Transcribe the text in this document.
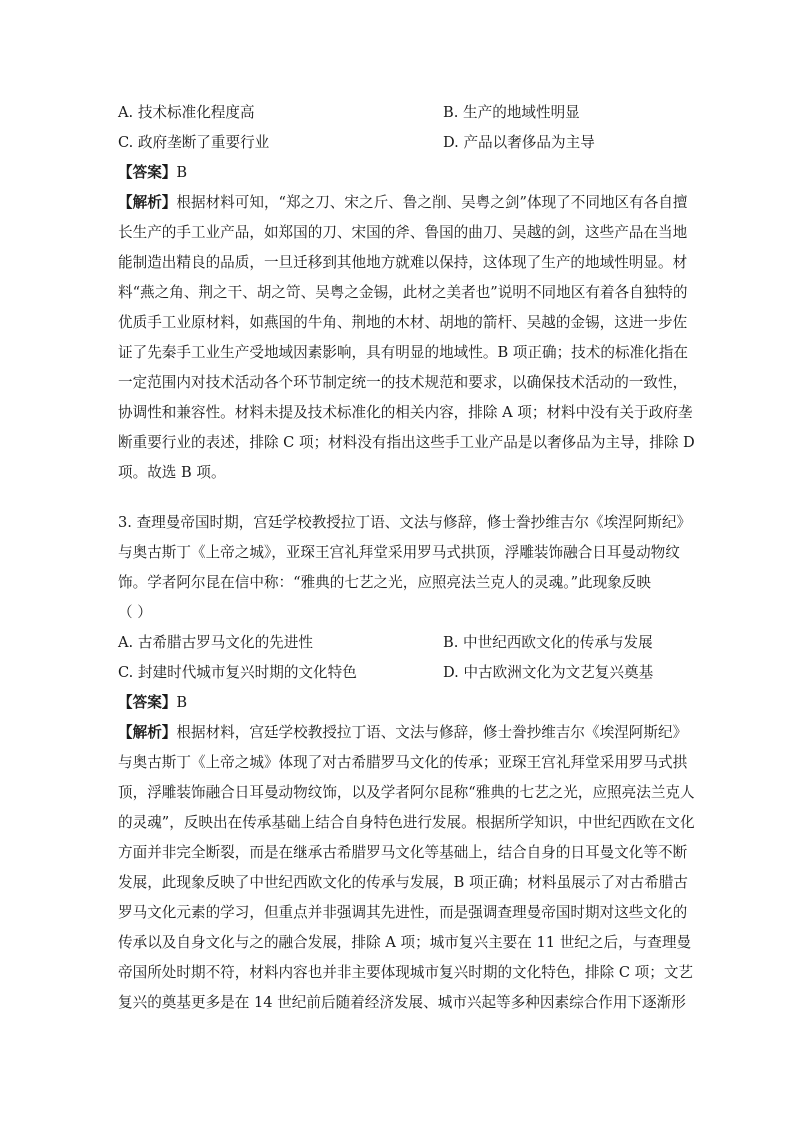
A. 技术标准化程度高	B. 生产的地域性明显
C. 政府垄断了重要行业	D. 产品以奢侈品为主导
【答案】B
【解析】根据材料可知，“郑之刀、宋之斤、鲁之削、吴粤之剑”体现了不同地区有各自擅
长生产的手工业产品，如郑国的刀、宋国的斧、鲁国的曲刀、吴越的剑，这些产品在当地
能制造出精良的品质，一旦迁移到其他地方就难以保持，这体现了生产的地域性明显。材
料“燕之角、荆之干、胡之笴、吴粤之金锡，此材之美者也”说明不同地区有着各自独特的
优质手工业原材料，如燕国的牛角、荆地的木材、胡地的箭杆、吴越的金锡，这进一步佐
证了先秦手工业生产受地域因素影响，具有明显的地域性。B 项正确；技术的标准化指在
一定范围内对技术活动各个环节制定统一的技术规范和要求，以确保技术活动的一致性，
协调性和兼容性。材料未提及技术标准化的相关内容，排除 A 项；材料中没有关于政府垄
断重要行业的表述，排除 C 项；材料没有指出这些手工业产品是以奢侈品为主导，排除 D
项。故选 B 项。
3. 查理曼帝国时期，宫廷学校教授拉丁语、文法与修辞，修士誊抄维吉尔《埃涅阿斯纪》
与奥古斯丁《上帝之城》，亚琛王宫礼拜堂采用罗马式拱顶，浮雕装饰融合日耳曼动物纹
饰。学者阿尔昆在信中称：“雅典的七艺之光，应照亮法兰克人的灵魂。”此现象反映
（ ）
A. 古希腊古罗马文化的先进性	B. 中世纪西欧文化的传承与发展
C. 封建时代城市复兴时期的文化特色	D. 中古欧洲文化为文艺复兴奠基
【答案】B
【解析】根据材料，宫廷学校教授拉丁语、文法与修辞，修士誊抄维吉尔《埃涅阿斯纪》
与奥古斯丁《上帝之城》体现了对古希腊罗马文化的传承；亚琛王宫礼拜堂采用罗马式拱
顶，浮雕装饰融合日耳曼动物纹饰，以及学者阿尔昆称“雅典的七艺之光，应照亮法兰克人
的灵魂”，反映出在传承基础上结合自身特色进行发展。根据所学知识，中世纪西欧在文化
方面并非完全断裂，而是在继承古希腊罗马文化等基础上，结合自身的日耳曼文化等不断
发展，此现象反映了中世纪西欧文化的传承与发展，B 项正确；材料虽展示了对古希腊古
罗马文化元素的学习，但重点并非强调其先进性，而是强调查理曼帝国时期对这些文化的
传承以及自身文化与之的融合发展，排除 A 项；城市复兴主要在 11 世纪之后，与查理曼
帝国所处时期不符，材料内容也并非主要体现城市复兴时期的文化特色，排除 C 项；文艺
复兴的奠基更多是在 14 世纪前后随着经济发展、城市兴起等多种因素综合作用下逐渐形
